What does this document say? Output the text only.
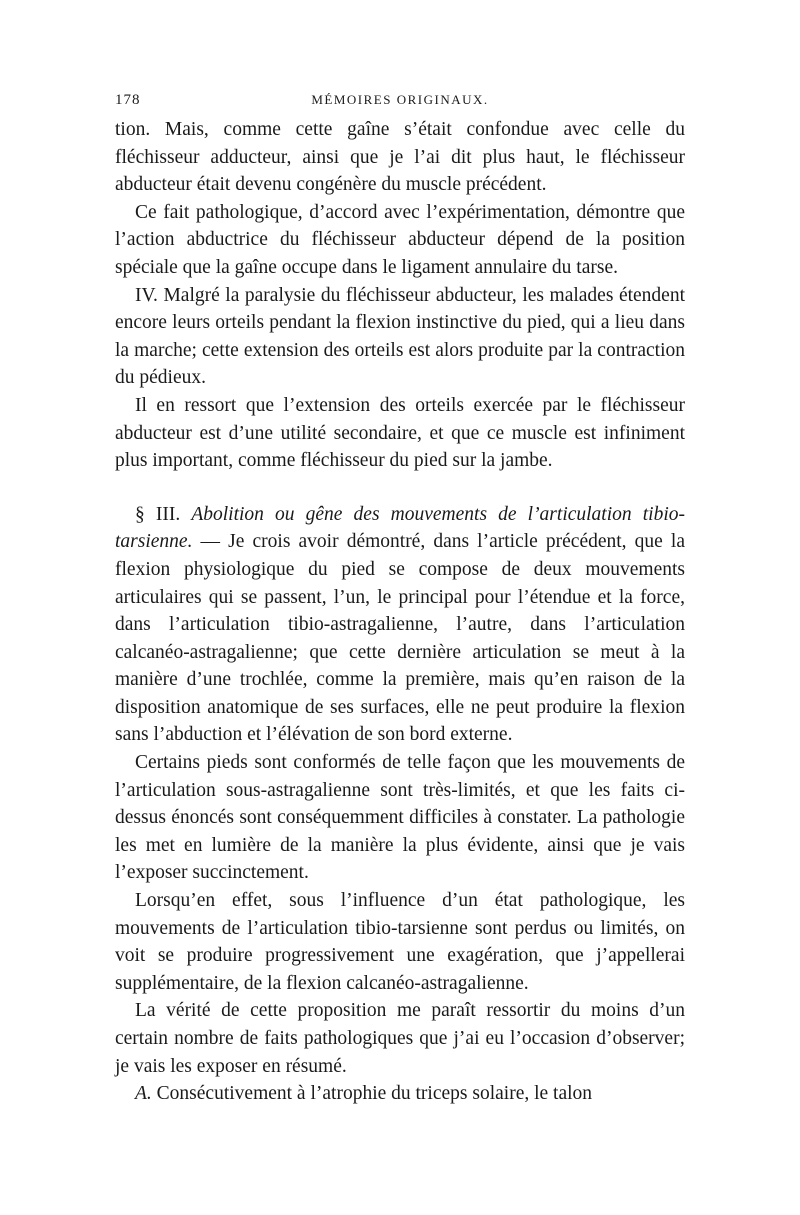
178	MÉMOIRES ORIGINAUX.

tion. Mais, comme cette gaîne s’était confondue avec celle du fléchisseur adducteur, ainsi que je l’ai dit plus haut, le fléchisseur abducteur était devenu congénère du muscle précédent.

Ce fait pathologique, d’accord avec l’expérimentation, démontre que l’action abductrice du fléchisseur abducteur dépend de la position spéciale que la gaîne occupe dans le ligament annulaire du tarse.

IV. Malgré la paralysie du fléchisseur abducteur, les malades étendent encore leurs orteils pendant la flexion instinctive du pied, qui a lieu dans la marche; cette extension des orteils est alors produite par la contraction du pédieux.

Il en ressort que l’extension des orteils exercée par le fléchisseur abducteur est d’une utilité secondaire, et que ce muscle est infiniment plus important, comme fléchisseur du pied sur la jambe.

§ III. Abolition ou gêne des mouvements de l’articulation tibio-tarsienne. — Je crois avoir démontré, dans l’article précédent, que la flexion physiologique du pied se compose de deux mouvements articulaires qui se passent, l’un, le principal pour l’étendue et la force, dans l’articulation tibio-astragalienne, l’autre, dans l’articulation calcanéo-astragalienne; que cette dernière articulation se meut à la manière d’une trochlée, comme la première, mais qu’en raison de la disposition anatomique de ses surfaces, elle ne peut produire la flexion sans l’abduction et l’élévation de son bord externe.

Certains pieds sont conformés de telle façon que les mouvements de l’articulation sous-astragalienne sont très-limités, et que les faits ci-dessus énoncés sont conséquemment difficiles à constater. La pathologie les met en lumière de la manière la plus évidente, ainsi que je vais l’exposer succinctement.

Lorsqu’en effet, sous l’influence d’un état pathologique, les mouvements de l’articulation tibio-tarsienne sont perdus ou limités, on voit se produire progressivement une exagération, que j’appellerai supplémentaire, de la flexion calcanéo-astragalienne.

La vérité de cette proposition me paraît ressortir du moins d’un certain nombre de faits pathologiques que j’ai eu l’occasion d’observer; je vais les exposer en résumé.

A. Consécutivement à l’atrophie du triceps solaire, le talon
